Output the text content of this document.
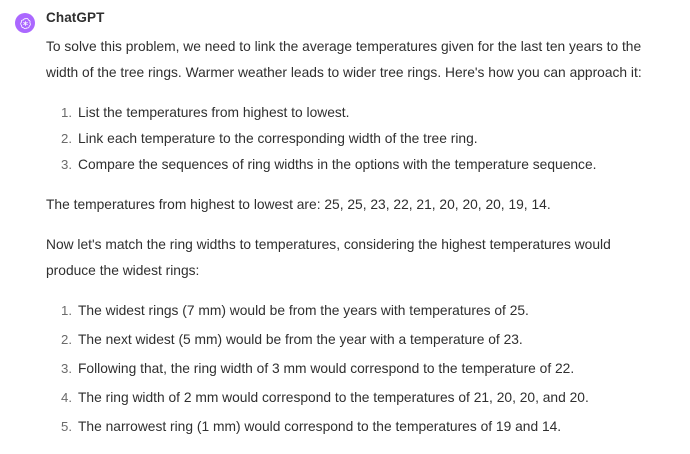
ChatGPT

To solve this problem, we need to link the average temperatures given for the last ten years to the width of the tree rings. Warmer weather leads to wider tree rings. Here's how you can approach it:

List the temperatures from highest to lowest.
Link each temperature to the corresponding width of the tree ring.
Compare the sequences of ring widths in the options with the temperature sequence.

The temperatures from highest to lowest are: 25, 25, 23, 22, 21, 20, 20, 20, 19, 14.

Now let's match the ring widths to temperatures, considering the highest temperatures would produce the widest rings:

The widest rings (7 mm) would be from the years with temperatures of 25.
The next widest (5 mm) would be from the year with a temperature of 23.
Following that, the ring width of 3 mm would correspond to the temperature of 22.
The ring width of 2 mm would correspond to the temperatures of 21, 20, 20, and 20.
The narrowest ring (1 mm) would correspond to the temperatures of 19 and 14.
